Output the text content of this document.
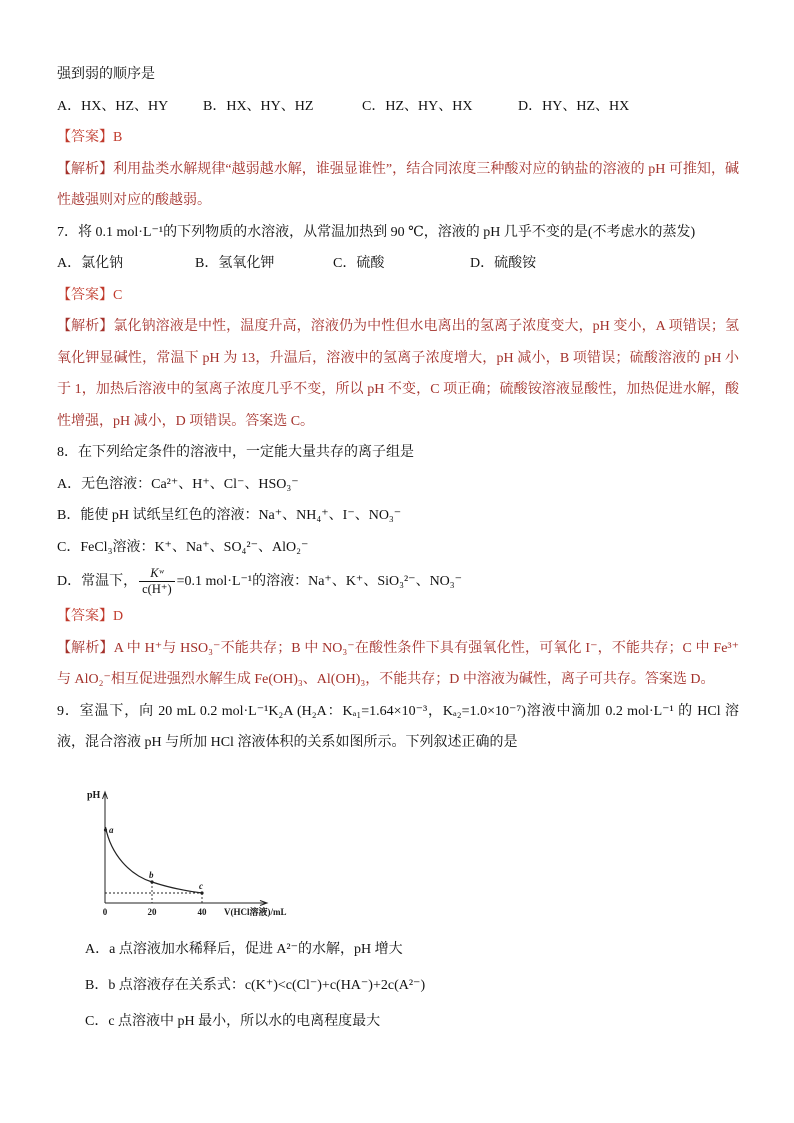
强到弱的顺序是

A．HX、HZ、HY	B．HX、HY、HZ	C．HZ、HY、HX	D．HY、HZ、HX

【答案】B

【解析】利用盐类水解规律“越弱越水解，谁强显谁性”，结合同浓度三种酸对应的钠盐的溶液的 pH 可推知，碱性越强则对应的酸越弱。

7．将 0.1 mol·L⁻¹的下列物质的水溶液，从常温加热到 90 ℃，溶液的 pH 几乎不变的是(不考虑水的蒸发)

A．氯化钠	B．氢氧化钾	C．硫酸	D．硫酸铵

【答案】C

【解析】氯化钠溶液是中性，温度升高，溶液仍为中性但水电离出的氢离子浓度变大，pH 变小，A 项错误；氢氧化钾显碱性，常温下 pH 为 13，升温后，溶液中的氢离子浓度增大，pH 减小，B 项错误；硫酸溶液的 pH 小于 1，加热后溶液中的氢离子浓度几乎不变，所以 pH 不变，C 项正确；硫酸铵溶液显酸性，加热促进水解，酸性增强，pH 减小，D 项错误。答案选 C。

8．在下列给定条件的溶液中，一定能大量共存的离子组是

A．无色溶液：Ca²⁺、H⁺、Cl⁻、HSO₃⁻

B．能使 pH 试纸呈红色的溶液：Na⁺、NH₄⁺、I⁻、NO₃⁻

C．FeCl₃溶液：K⁺、Na⁺、SO₄²⁻、AlO₂⁻

D．常温下， $\frac{\text{Kʷ}}{c(H^+)} =0.1$ mol·L⁻¹的溶液：Na⁺、K⁺、SiO₃²⁻、NO₃⁻

【答案】D

【解析】A 中 H⁺与 HSO₃⁻不能共存；B 中 NO₃⁻在酸性条件下具有强氧化性，可氧化 I⁻，不能共存；C 中 Fe³⁺与 AlO₂⁻相互促进强烈水解生成 Fe(OH)₃、Al(OH)₃，不能共存；D 中溶液为碱性，离子可共存。答案选 D。

9．室温下，向 20 mL 0.2 mol·L⁻¹K₂A (H₂A：Kₐ₁=1.64×10⁻³，Kₐ₂=1.0×10⁻⁷)溶液中滴加 0.2 mol·L⁻¹ 的 HCl 溶液，混合溶液 pH 与所加 HCl 溶液体积的关系如图所示。下列叙述正确的是

pH
a
b
c
0	20	40 V(HCl溶液)/mL

A．a 点溶液加水稀释后，促进 A²⁻的水解，pH 增大

B．b 点溶液存在关系式：c(K⁺)<c(Cl⁻)+c(HA⁻)+2c(A²⁻)

C．c 点溶液中 pH 最小，所以水的电离程度最大
